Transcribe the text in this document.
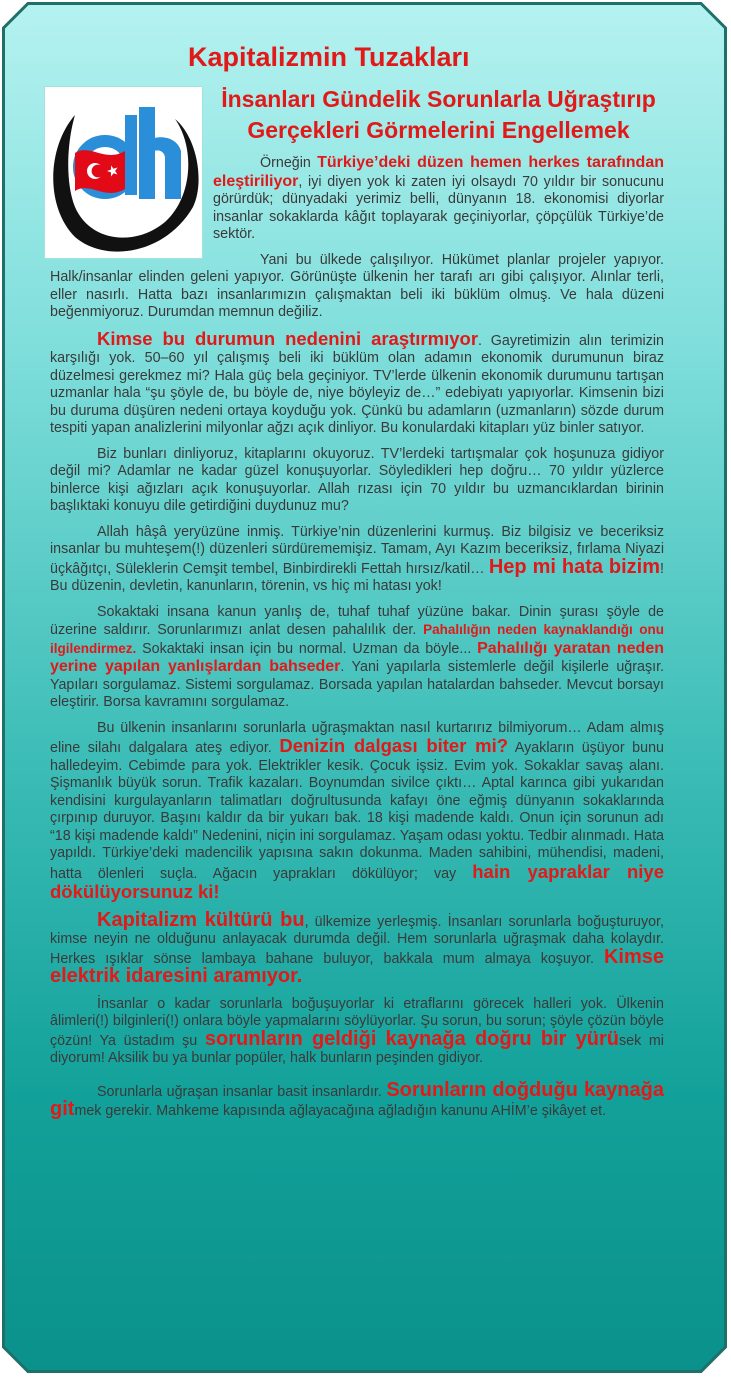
Kapitalizmin Tuzakları
İnsanları Gündelik Sorunlarla Uğraştırıp Gerçekleri Görmelerini Engellemek

Örneğin Türkiye’deki düzen hemen herkes tarafından eleştiriliyor, iyi diyen yok ki zaten iyi olsaydı 70 yıldır bir sonucunu görürdük; dünyadaki yerimiz belli, dünyanın 18. ekonomisi diyorlar insanlar sokaklarda kâğıt toplayarak geçiniyorlar, çöpçülük Türkiye’de sektör.

Yani bu ülkede çalışılıyor. Hükümet planlar projeler yapıyor. Halk/insanlar elinden geleni yapıyor. Görünüşte ülkenin her tarafı arı gibi çalışıyor. Alınlar terli, eller nasırlı. Hatta bazı insanlarımızın çalışmaktan beli iki büklüm olmuş. Ve hala düzeni beğenmiyoruz. Durumdan memnun değiliz.

Kimse bu durumun nedenini araştırmıyor. Gayretimizin alın terimizin karşılığı yok. 50–60 yıl çalışmış beli iki büklüm olan adamın ekonomik durumunun biraz düzelmesi gerekmez mi? Hala güç bela geçiniyor. TV’lerde ülkenin ekonomik durumunu tartışan uzmanlar hala “şu şöyle de, bu böyle de, niye böyleyiz de…” edebiyatı yapıyorlar. Kimsenin bizi bu duruma düşüren nedeni ortaya koyduğu yok. Çünkü bu adamların (uzmanların) sözde durum tespiti yapan analizlerini milyonlar ağzı açık dinliyor. Bu konulardaki kitapları yüz binler satıyor.

Biz bunları dinliyoruz, kitaplarını okuyoruz. TV’lerdeki tartışmalar çok hoşunuza gidiyor değil mi? Adamlar ne kadar güzel konuşuyorlar. Söyledikleri hep doğru… 70 yıldır yüzlerce binlerce kişi ağızları açık konuşuyorlar. Allah rızası için 70 yıldır bu uzmancıklardan birinin başlıktaki konuyu dile getirdiğini duydunuz mu?

Allah hâşâ yeryüzüne inmiş. Türkiye’nin düzenlerini kurmuş. Biz bilgisiz ve beceriksiz insanlar bu muhteşem(!) düzenleri sürdürememişiz. Tamam, Ayı Kazım beceriksiz, fırlama Niyazi üçkâğıtçı, Süleklerin Cemşit tembel, Binbirdirekli Fettah hırsız/katil… Hep mi hata bizim! Bu düzenin, devletin, kanunların, törenin, vs hiç mi hatası yok!

Sokaktaki insana kanun yanlış de, tuhaf tuhaf yüzüne bakar. Dinin şurası şöyle de üzerine saldırır. Sorunlarımızı anlat desen pahalılık der. Pahalılığın neden kaynaklandığı onu ilgilendirmez. Sokaktaki insan için bu normal. Uzman da böyle... Pahalılığı yaratan neden yerine yapılan yanlışlardan bahseder. Yani yapılarla sistemlerle değil kişilerle uğraşır. Yapıları sorgulamaz. Sistemi sorgulamaz. Borsada yapılan hatalardan bahseder. Mevcut borsayı eleştirir. Borsa kavramını sorgulamaz.

Bu ülkenin insanlarını sorunlarla uğraşmaktan nasıl kurtarırız bilmiyorum… Adam almış eline silahı dalgalara ateş ediyor. Denizin dalgası biter mi? Ayakların üşüyor bunu halledeyim. Cebimde para yok. Elektrikler kesik. Çocuk işsiz. Evim yok. Sokaklar savaş alanı. Şişmanlık büyük sorun. Trafik kazaları. Boynumdan sivilce çıktı… Aptal karınca gibi yukarıdan kendisini kurgulayanların talimatları doğrultusunda kafayı öne eğmiş dünyanın sokaklarında çırpınıp duruyor. Başını kaldır da bir yukarı bak. 18 kişi madende kaldı. Onun için sorunun adı “18 kişi madende kaldı” Nedenini, niçin ini sorgulamaz. Yaşam odası yoktu. Tedbir alınmadı. Hata yapıldı. Türkiye’deki madencilik yapısına sakın dokunma. Maden sahibini, mühendisi, madeni, hatta ölenleri suçla. Ağacın yaprakları dökülüyor; vay hain yapraklar niye dökülüyorsunuz ki!

Kapitalizm kültürü bu, ülkemize yerleşmiş. İnsanları sorunlarla boğuşturuyor, kimse neyin ne olduğunu anlayacak durumda değil. Hem sorunlarla uğraşmak daha kolaydır. Herkes ışıklar sönse lambaya bahane buluyor, bakkala mum almaya koşuyor. Kimse elektrik idaresini aramıyor.

İnsanlar o kadar sorunlarla boğuşuyorlar ki etraflarını görecek halleri yok. Ülkenin âlimleri(!) bilginleri(!) onlara böyle yapmalarını söylüyorlar. Şu sorun, bu sorun; şöyle çözün böyle çözün! Ya üstadım şu sorunların geldiği kaynağa doğru bir yürüsek mi diyorum! Aksilik bu ya bunlar popüler, halk bunların peşinden gidiyor.

Sorunlarla uğraşan insanlar basit insanlardır. Sorunların doğduğu kaynağa gitmek gerekir. Mahkeme kapısında ağlayacağına ağladığın kanunu AHİM’e şikâyet et.
